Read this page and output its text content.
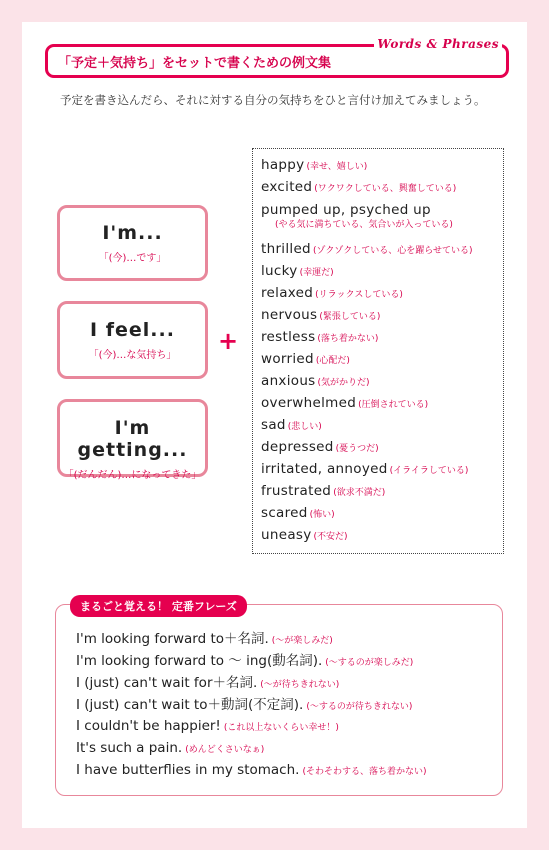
「予定＋気持ち」をセットで書くための例文集
Words & Phrases
予定を書き込んだら、それに対する自分の気持ちをひと言付け加えてみましょう。
I'm...
「(今)…です」
I feel...
「(今)…な気持ち」
I'm getting...
「(だんだん)…になってきた」
+
happy (幸せ、嬉しい)
excited (ワクワクしている、興奮している)
pumped up, psyched up
(やる気に満ちている、気合いが入っている)
thrilled (ゾクゾクしている、心を躍らせている)
lucky (幸運だ)
relaxed (リラックスしている)
nervous (緊張している)
restless (落ち着かない)
worried (心配だ)
anxious (気がかりだ)
overwhelmed (圧倒されている)
sad (悲しい)
depressed (憂うつだ)
irritated, annoyed (イライラしている)
frustrated (欲求不満だ)
scared (怖い)
uneasy (不安だ)
まるごと覚える！ 定番フレーズ
I'm looking forward to＋名詞. (～が楽しみだ)
I'm looking forward to ～ ing(動名詞). (～するのが楽しみだ)
I (just) can't wait for＋名詞. (～が待ちきれない)
I (just) can't wait to＋動詞(不定詞). (～するのが待ちきれない)
I couldn't be happier! (これ以上ないくらい幸せ！)
It's such a pain. (めんどくさいなぁ)
I have butterflies in my stomach. (そわそわする、落ち着かない)
